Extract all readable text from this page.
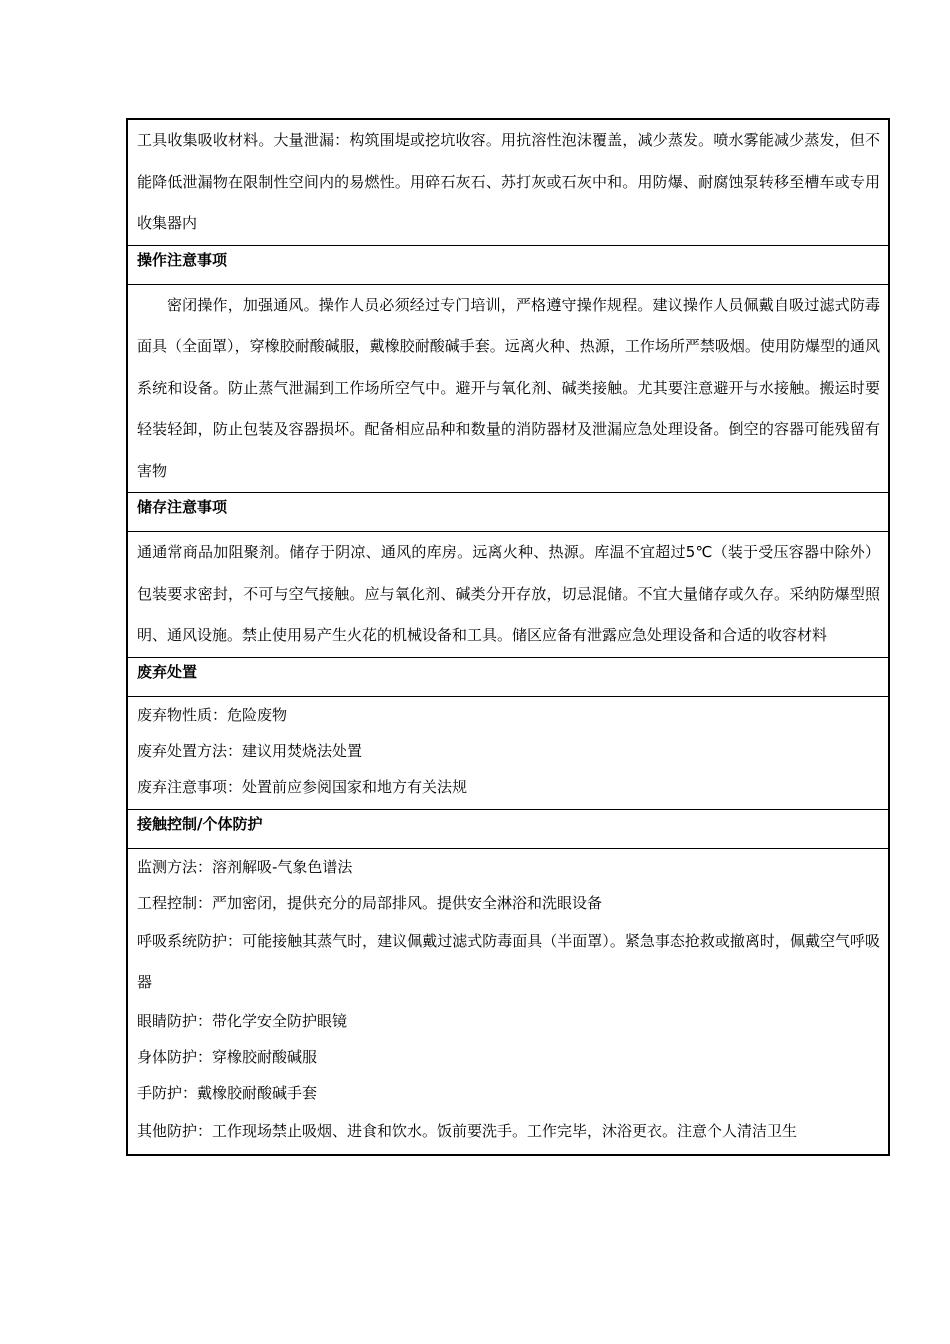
工具收集吸收材料。大量泄漏：构筑围堤或挖坑收容。用抗溶性泡沫覆盖，减少蒸发。喷水雾能减少蒸发，但不能降低泄漏物在限制性空间内的易燃性。用碎石灰石、苏打灰或石灰中和。用防爆、耐腐蚀泵转移至槽车或专用收集器内

操作注意事项

密闭操作，加强通风。操作人员必须经过专门培训，严格遵守操作规程。建议操作人员佩戴自吸过滤式防毒面具（全面罩），穿橡胶耐酸碱服，戴橡胶耐酸碱手套。远离火种、热源，工作场所严禁吸烟。使用防爆型的通风系统和设备。防止蒸气泄漏到工作场所空气中。避开与氧化剂、碱类接触。尤其要注意避开与水接触。搬运时要轻装轻卸，防止包装及容器损坏。配备相应品种和数量的消防器材及泄漏应急处理设备。倒空的容器可能残留有害物

储存注意事项

通通常商品加阻聚剂。储存于阴凉、通风的库房。远离火种、热源。库温不宜超过5℃（装于受压容器中除外）包装要求密封，不可与空气接触。应与氧化剂、碱类分开存放，切忌混储。不宜大量储存或久存。采纳防爆型照明、通风设施。禁止使用易产生火花的机械设备和工具。储区应备有泄露应急处理设备和合适的收容材料

废弃处置

废弃物性质：危险废物

废弃处置方法：建议用焚烧法处置

废弃注意事项：处置前应参阅国家和地方有关法规

接触控制/个体防护

监测方法：溶剂解吸-气象色谱法

工程控制：严加密闭，提供充分的局部排风。提供安全淋浴和洗眼设备

呼吸系统防护：可能接触其蒸气时，建议佩戴过滤式防毒面具（半面罩）。紧急事态抢救或撤离时，佩戴空气呼吸器

眼睛防护：带化学安全防护眼镜

身体防护：穿橡胶耐酸碱服

手防护：戴橡胶耐酸碱手套

其他防护：工作现场禁止吸烟、进食和饮水。饭前要洗手。工作完毕，沐浴更衣。注意个人清洁卫生
